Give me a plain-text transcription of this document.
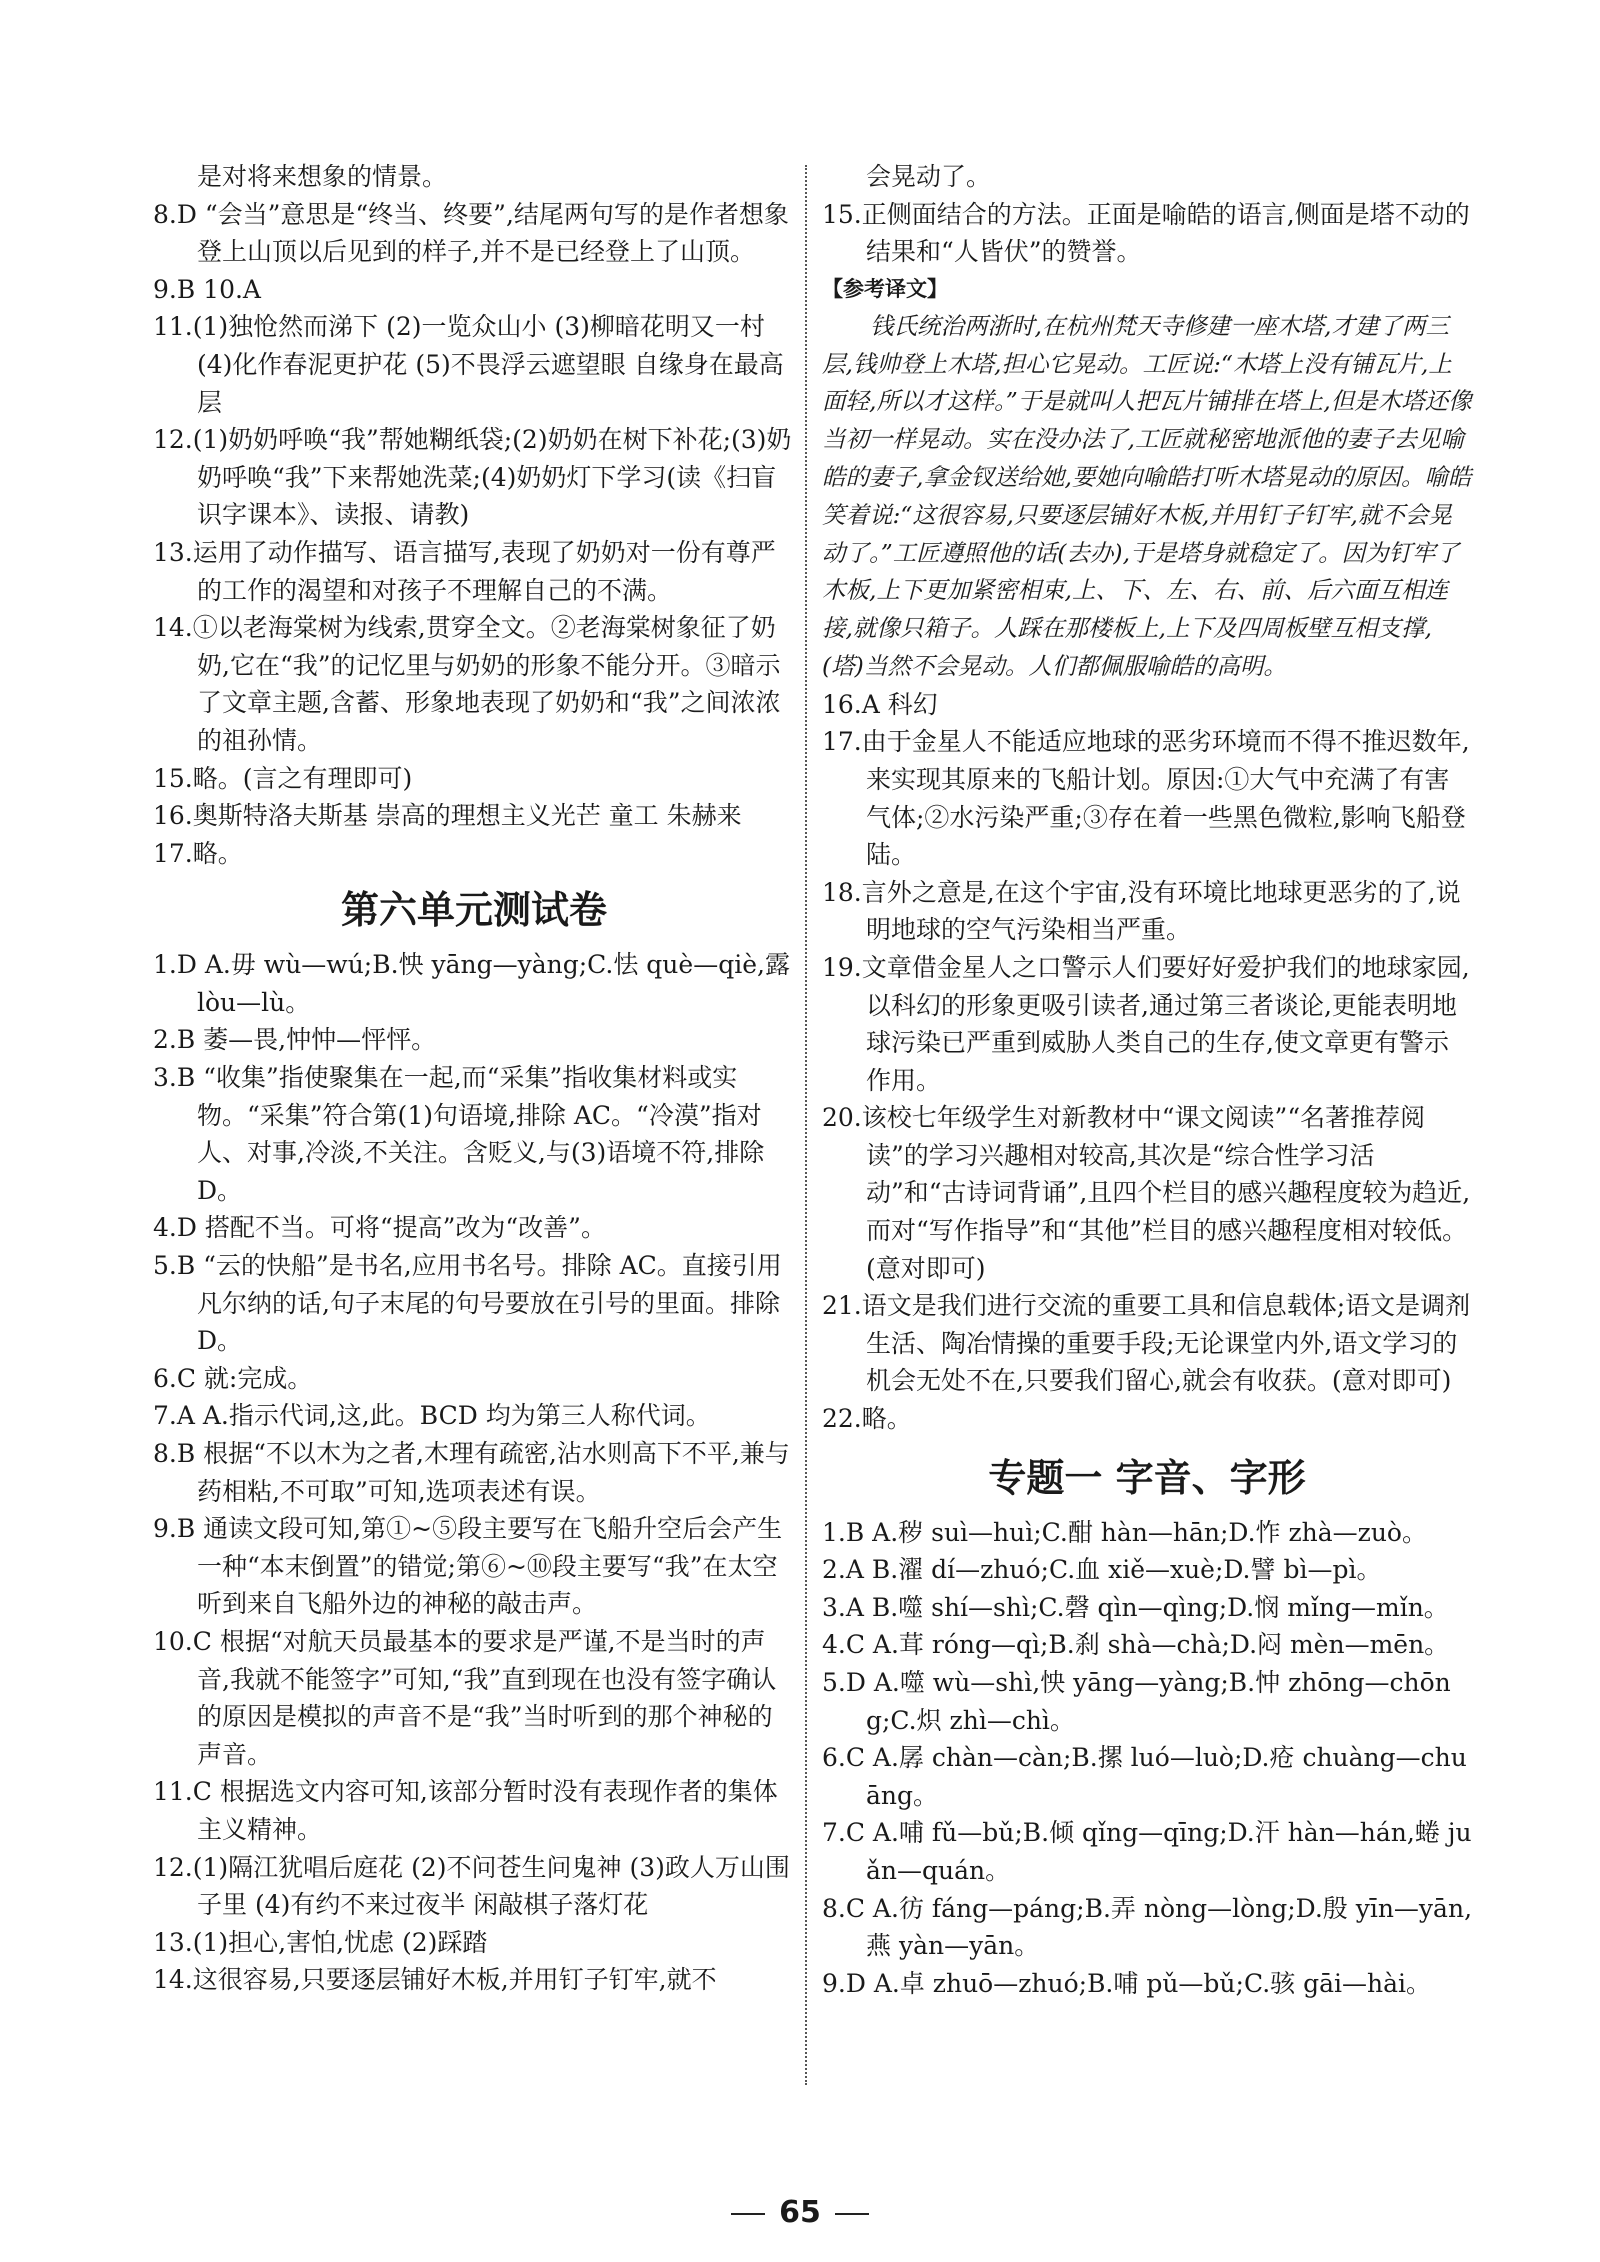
是对将来想象的情景。

8.D “会当”意思是“终当、终要”,结尾两句写的是作者想象登上山顶以后见到的样子,并不是已经登上了山顶。

9.B 10.A

11.(1)独怆然而涕下 (2)一览众山小 (3)柳暗花明又一村 (4)化作春泥更护花 (5)不畏浮云遮望眼 自缘身在最高层

12.(1)奶奶呼唤“我”帮她糊纸袋;(2)奶奶在树下补花;(3)奶奶呼唤“我”下来帮她洗菜;(4)奶奶灯下学习(读《扫盲识字课本》、读报、请教)

13.运用了动作描写、语言描写,表现了奶奶对一份有尊严的工作的渴望和对孩子不理解自己的不满。

14.①以老海棠树为线索,贯穿全文。②老海棠树象征了奶奶,它在“我”的记忆里与奶奶的形象不能分开。③暗示了文章主题,含蓄、形象地表现了奶奶和“我”之间浓浓的祖孙情。

15.略。(言之有理即可)

16.奥斯特洛夫斯基 崇高的理想主义光芒 童工 朱赫来

17.略。

第六单元测试卷

1.D A.毋 wù—wú;B.怏 yāng—yàng;C.怯 què—qiè,露 lòu—lù。

2.B 萎—畏,忡忡—怦怦。

3.B “收集”指使聚集在一起,而“采集”指收集材料或实物。“采集”符合第(1)句语境,排除 AC。“冷漠”指对人、对事,冷淡,不关注。含贬义,与(3)语境不符,排除 D。

4.D 搭配不当。可将“提高”改为“改善”。

5.B “云的快船”是书名,应用书名号。排除 AC。直接引用凡尔纳的话,句子末尾的句号要放在引号的里面。排除 D。

6.C 就:完成。

7.A A.指示代词,这,此。BCD 均为第三人称代词。

8.B 根据“不以木为之者,木理有疏密,沾水则高下不平,兼与药相粘,不可取”可知,选项表述有误。

9.B 通读文段可知,第①~⑤段主要写在飞船升空后会产生一种“本末倒置”的错觉;第⑥~⑩段主要写“我”在太空听到来自飞船外边的神秘的敲击声。

10.C 根据“对航天员最基本的要求是严谨,不是当时的声音,我就不能签字”可知,“我”直到现在也没有签字确认的原因是模拟的声音不是“我”当时听到的那个神秘的声音。

11.C 根据选文内容可知,该部分暂时没有表现作者的集体主义精神。

12.(1)隔江犹唱后庭花 (2)不问苍生问鬼神 (3)政人万山围子里 (4)有约不来过夜半 闲敲棋子落灯花

13.(1)担心,害怕,忧虑 (2)踩踏

14.这很容易,只要逐层铺好木板,并用钉子钉牢,就不

会晃动了。

15.正侧面结合的方法。正面是喻皓的语言,侧面是塔不动的结果和“人皆伏”的赞誉。

【参考译文】

钱氏统治两浙时,在杭州梵天寺修建一座木塔,才建了两三层,钱帅登上木塔,担心它晃动。工匠说:“木塔上没有铺瓦片,上面轻,所以才这样。”于是就叫人把瓦片铺排在塔上,但是木塔还像当初一样晃动。实在没办法了,工匠就秘密地派他的妻子去见喻皓的妻子,拿金钗送给她,要她向喻皓打听木塔晃动的原因。喻皓笑着说:“这很容易,只要逐层铺好木板,并用钉子钉牢,就不会晃动了。”工匠遵照他的话(去办),于是塔身就稳定了。因为钉牢了木板,上下更加紧密相束,上、下、左、右、前、后六面互相连接,就像只箱子。人踩在那楼板上,上下及四周板壁互相支撑,(塔)当然不会晃动。人们都佩服喻皓的高明。

16.A 科幻

17.由于金星人不能适应地球的恶劣环境而不得不推迟数年,来实现其原来的飞船计划。原因:①大气中充满了有害气体;②水污染严重;③存在着一些黑色微粒,影响飞船登陆。

18.言外之意是,在这个宇宙,没有环境比地球更恶劣的了,说明地球的空气污染相当严重。

19.文章借金星人之口警示人们要好好爱护我们的地球家园,以科幻的形象更吸引读者,通过第三者谈论,更能表明地球污染已严重到威胁人类自己的生存,使文章更有警示作用。

20.该校七年级学生对新教材中“课文阅读”“名著推荐阅读”的学习兴趣相对较高,其次是“综合性学习活动”和“古诗词背诵”,且四个栏目的感兴趣程度较为趋近,而对“写作指导”和“其他”栏目的感兴趣程度相对较低。(意对即可)

21.语文是我们进行交流的重要工具和信息载体;语文是调剂生活、陶冶情操的重要手段;无论课堂内外,语文学习的机会无处不在,只要我们留心,就会有收获。(意对即可)

22.略。

专题一 字音、字形

1.B A.秽 suì—huì;C.酣 hàn—hān;D.怍 zhà—zuò。

2.A B.濯 dí—zhuó;C.血 xiě—xuè;D.譬 bì—pì。

3.A B.噬 shí—shì;C.磬 qìn—qìng;D.悯 mǐng—mǐn。

4.C A.茸 róng—qì;B.刹 shà—chà;D.闷 mèn—mēn。

5.D A.噬 wù—shì,怏 yāng—yàng;B.忡 zhōng—chōng;C.炽 zhì—chì。

6.C A.孱 chàn—càn;B.摞 luó—luò;D.疮 chuàng—chuāng。

7.C A.哺 fǔ—bǔ;B.倾 qǐng—qīng;D.汗 hàn—hán,蜷 juǎn—quán。

8.C A.彷 fáng—páng;B.弄 nòng—lòng;D.殷 yīn—yān,燕 yàn—yān。

9.D A.卓 zhuō—zhuó;B.哺 pǔ—bǔ;C.骇 gāi—hài。

65
